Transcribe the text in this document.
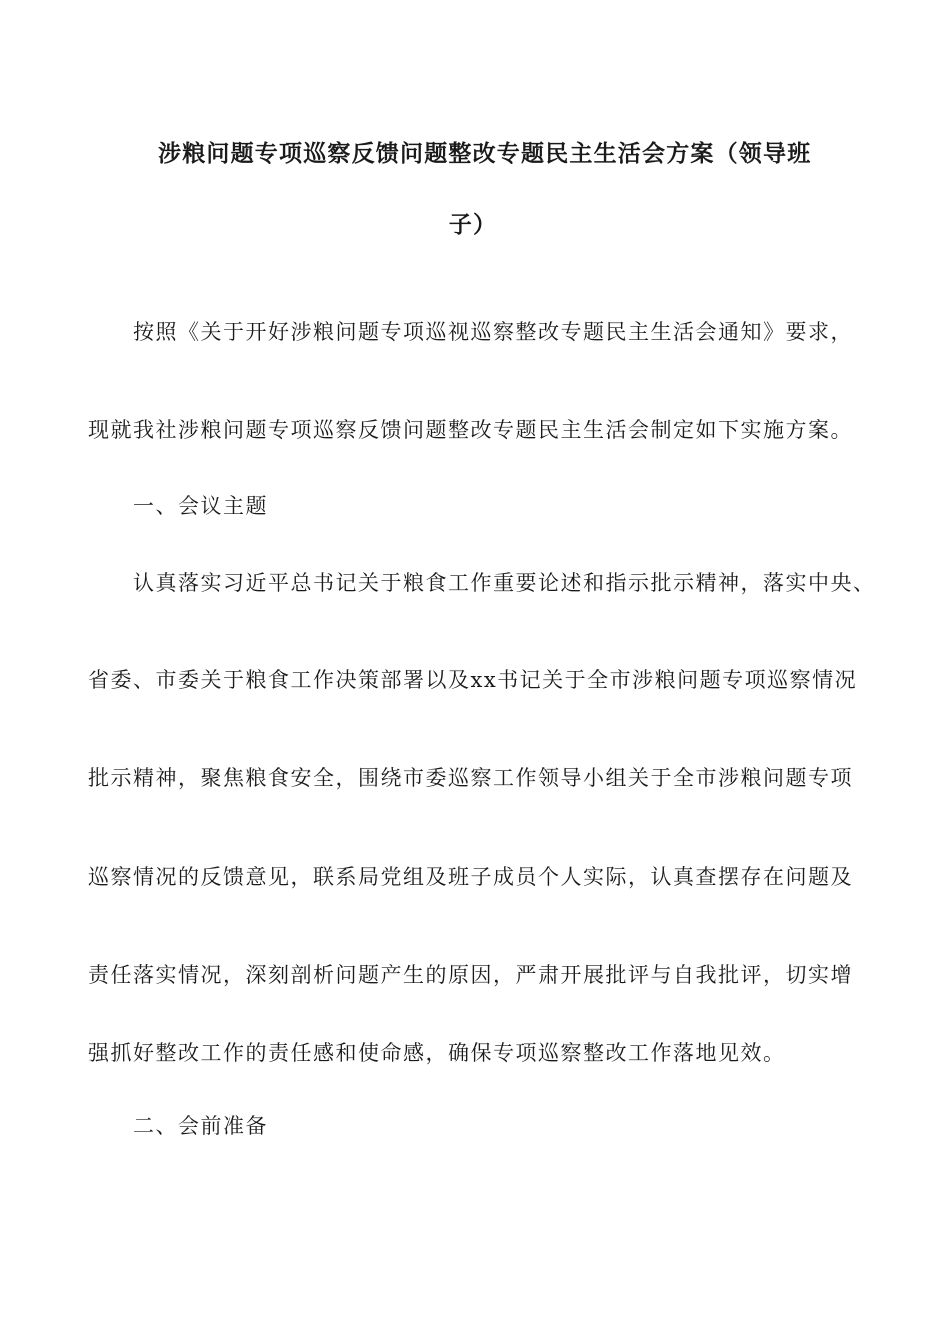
涉粮问题专项巡察反馈问题整改专题民主生活会方案（领导班
子）
按照《关于开好涉粮问题专项巡视巡察整改专题民主生活会通知》要求，
现就我社涉粮问题专项巡察反馈问题整改专题民主生活会制定如下实施方案。
一、会议主题
认真落实习近平总书记关于粮食工作重要论述和指示批示精神，落实中央、
省委、市委关于粮食工作决策部署以及xx书记关于全市涉粮问题专项巡察情况
批示精神，聚焦粮食安全，围绕市委巡察工作领导小组关于全市涉粮问题专项
巡察情况的反馈意见，联系局党组及班子成员个人实际，认真查摆存在问题及
责任落实情况，深刻剖析问题产生的原因，严肃开展批评与自我批评，切实增
强抓好整改工作的责任感和使命感，确保专项巡察整改工作落地见效。
二、会前准备
